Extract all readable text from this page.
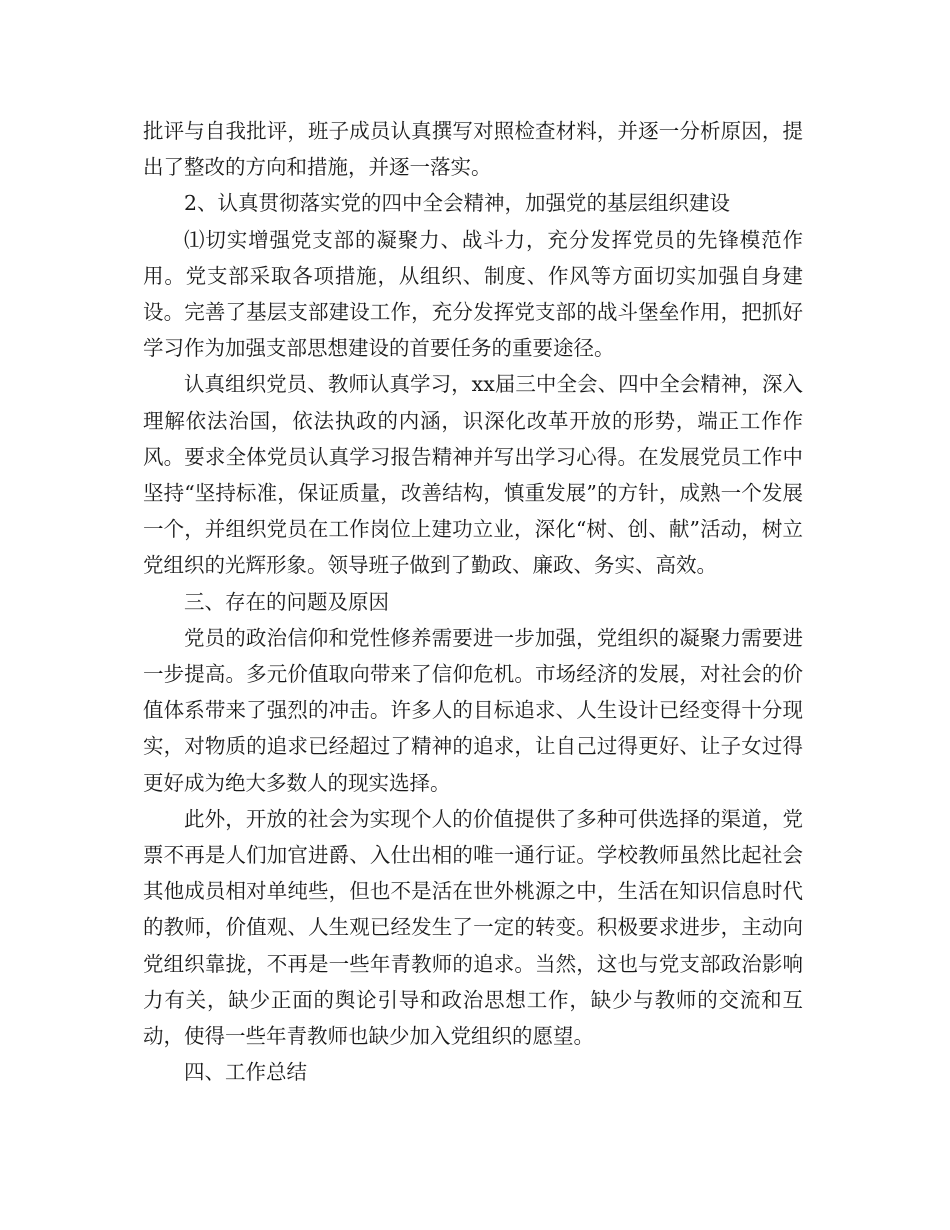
批评与自我批评，班子成员认真撰写对照检查材料，并逐一分析原因，提出了整改的方向和措施，并逐一落实。

2、认真贯彻落实党的四中全会精神，加强党的基层组织建设

⑴切实增强党支部的凝聚力、战斗力，充分发挥党员的先锋模范作用。党支部采取各项措施，从组织、制度、作风等方面切实加强自身建设。完善了基层支部建设工作，充分发挥党支部的战斗堡垒作用，把抓好学习作为加强支部思想建设的首要任务的重要途径。

认真组织党员、教师认真学习，xx届三中全会、四中全会精神，深入理解依法治国，依法执政的内涵，识深化改革开放的形势，端正工作作风。要求全体党员认真学习报告精神并写出学习心得。在发展党员工作中坚持“坚持标准，保证质量，改善结构，慎重发展”的方针，成熟一个发展一个，并组织党员在工作岗位上建功立业，深化“树、创、献”活动，树立党组织的光辉形象。领导班子做到了勤政、廉政、务实、高效。

三、存在的问题及原因

党员的政治信仰和党性修养需要进一步加强，党组织的凝聚力需要进一步提高。多元价值取向带来了信仰危机。市场经济的发展，对社会的价值体系带来了强烈的冲击。许多人的目标追求、人生设计已经变得十分现实，对物质的追求已经超过了精神的追求，让自己过得更好、让子女过得更好成为绝大多数人的现实选择。

此外，开放的社会为实现个人的价值提供了多种可供选择的渠道，党票不再是人们加官进爵、入仕出相的唯一通行证。学校教师虽然比起社会其他成员相对单纯些，但也不是活在世外桃源之中，生活在知识信息时代的教师，价值观、人生观已经发生了一定的转变。积极要求进步，主动向党组织靠拢，不再是一些年青教师的追求。当然，这也与党支部政治影响力有关，缺少正面的舆论引导和政治思想工作，缺少与教师的交流和互动，使得一些年青教师也缺少加入党组织的愿望。

四、工作总结
